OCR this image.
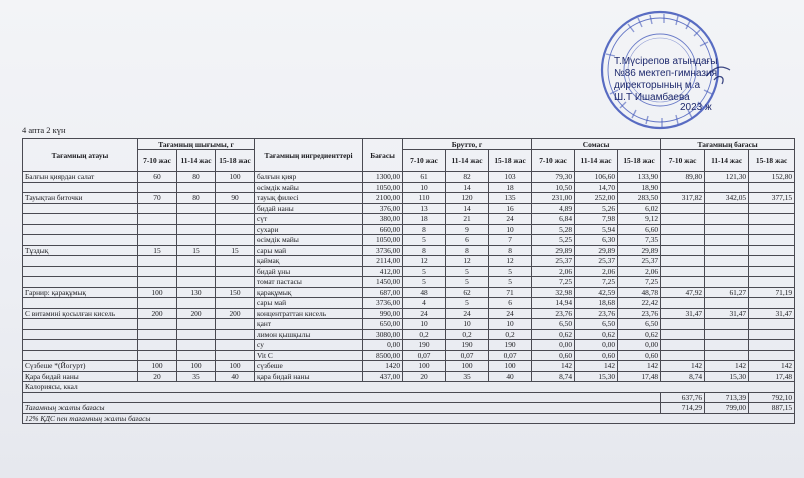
Т.Мүсірепов атындағы
№86 мектеп-гимназия
директорының м.а
Ш.Т Ишамбаева
2023 ж
4 апта 2 күн
Тағамның атауы	Тағамның шығымы, г			Тағамның ингредиенттері	Бағасы	Брутто, г			Сомасы			Тағамның бағасы		
	7-10 жас	11-14 жас	15-18 жас			7-10 жас	11-14 жас	15-18 жас	7-10 жас	11-14 жас	15-18 жас	7-10 жас	11-14 жас	15-18 жас
Балғын қиярдан салат	60	80	100	балғын қияр	1300,00	61	82	103	79,30	106,60	133,90	89,80	121,30	152,80
				өсімдік майы	1050,00	10	14	18	10,50	14,70	18,90			
Тауықтан биточки	70	80	90	тауық филесі	2100,00	110	120	135	231,00	252,00	283,50	317,82	342,05	377,15
				бидай наны	376,00	13	14	16	4,89	5,26	6,02			
				сүт	380,00	18	21	24	6,84	7,98	9,12			
				сухари	660,00	8	9	10	5,28	5,94	6,60			
				өсімдік майы	1050,00	5	6	7	5,25	6,30	7,35			
Тұздық	15	15	15	сары май	3736,00	8	8	8	29,89	29,89	29,89			
				қаймақ	2114,00	12	12	12	25,37	25,37	25,37			
				бидай ұны	412,00	5	5	5	2,06	2,06	2,06			
				томат пастасы	1450,00	5	5	5	7,25	7,25	7,25			
Гарнир: қарақұмық	100	130	150	қарақұмық	687,00	48	62	71	32,98	42,59	48,78	47,92	61,27	71,19
				сары май	3736,00	4	5	6	14,94	18,68	22,42			
С витамині қосылған кисель	200	200	200	концентраттан кисель	990,00	24	24	24	23,76	23,76	23,76	31,47	31,47	31,47
				қант	650,00	10	10	10	6,50	6,50	6,50			
				лимон қышқылы	3080,00	0,2	0,2	0,2	0,62	0,62	0,62			
				су	0,00	190	190	190	0,00	0,00	0,00			
				Vit C	8500,00	0,07	0,07	0,07	0,60	0,60	0,60			
Сүзбеше *(Йогурт)	100	100	100	сүзбеше	1420	100	100	100	142	142	142	142	142	142
Қара бидай наны	20	35	40	қара бидай наны	437,00	20	35	40	8,74	15,30	17,48	8,74	15,30	17,48
Калориясы, ккал														
												637,76	713,39	792,10
Тағамның жалпы бағасы												714,29	799,00	887,15
12% ҚДС пен тағамның жалпы бағасы														
